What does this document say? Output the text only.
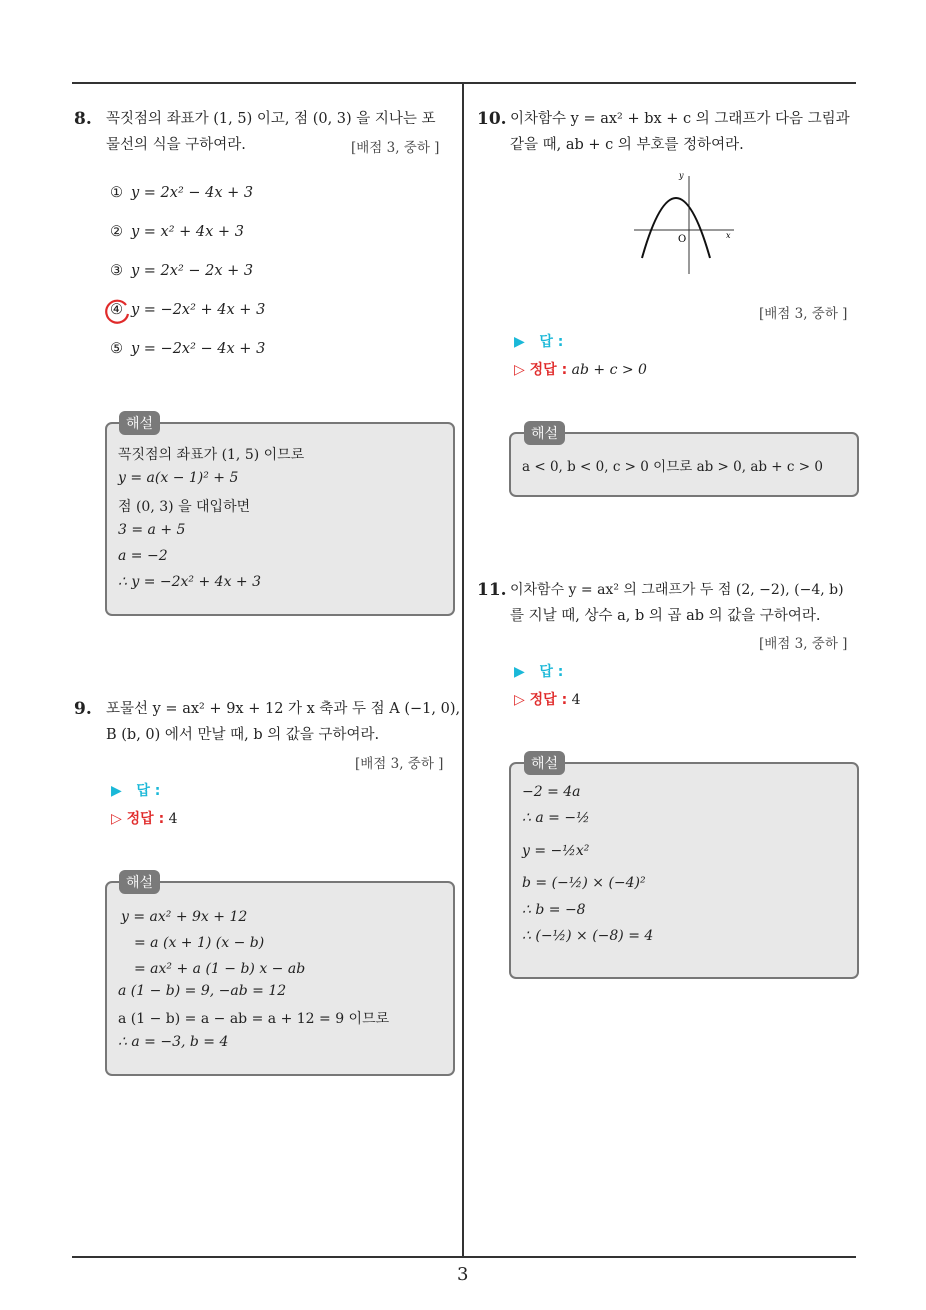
3
8. 꼭짓점의 좌표가 (1, 5) 이고, 점 (0, 3) 을 지나는 포
물선의 식을 구하여라.	[배점 3, 중하 ]
① y = 2x² − 4x + 3
② y = x² + 4x + 3
③ y = 2x² − 2x + 3
④ y = −2x² + 4x + 3
⑤ y = −2x² − 4x + 3
해설
꼭짓점의 좌표가 (1, 5) 이므로
y = a(x − 1)² + 5
점 (0, 3) 을 대입하면
3 = a + 5
a = −2
∴ y = −2x² + 4x + 3
9. 포물선 y = ax² + 9x + 12 가 x 축과 두 점 A (−1, 0),
B (b, 0) 에서 만날 때, b 의 값을 구하여라.
[배점 3, 중하 ]
▶   답 :
▷ 정답 : 4
해설
y = ax² + 9x + 12
= a (x + 1) (x − b)
= ax² + a (1 − b) x − ab
a (1 − b) = 9, −ab = 12
a (1 − b) = a − ab = a + 12 = 9 이므로
∴ a = −3, b = 4
10. 이차함수 y = ax² + bx + c 의 그래프가 다음 그림과
같을 때, ab + c 의 부호를 정하여라.
y
x
O
[배점 3, 중하 ]
▶   답 :
▷ 정답 : ab + c > 0
해설
a < 0, b < 0, c > 0 이므로 ab > 0, ab + c > 0
11. 이차함수 y = ax² 의 그래프가 두 점 (2, −2), (−4, b)
를 지날 때, 상수 a, b 의 곱 ab 의 값을 구하여라.
[배점 3, 중하 ]
▶   답 :
▷ 정답 : 4
해설
−2 = 4a
∴ a = −½
y = −½x²
b = (−½) × (−4)²
∴ b = −8
∴ (−½) × (−8) = 4
